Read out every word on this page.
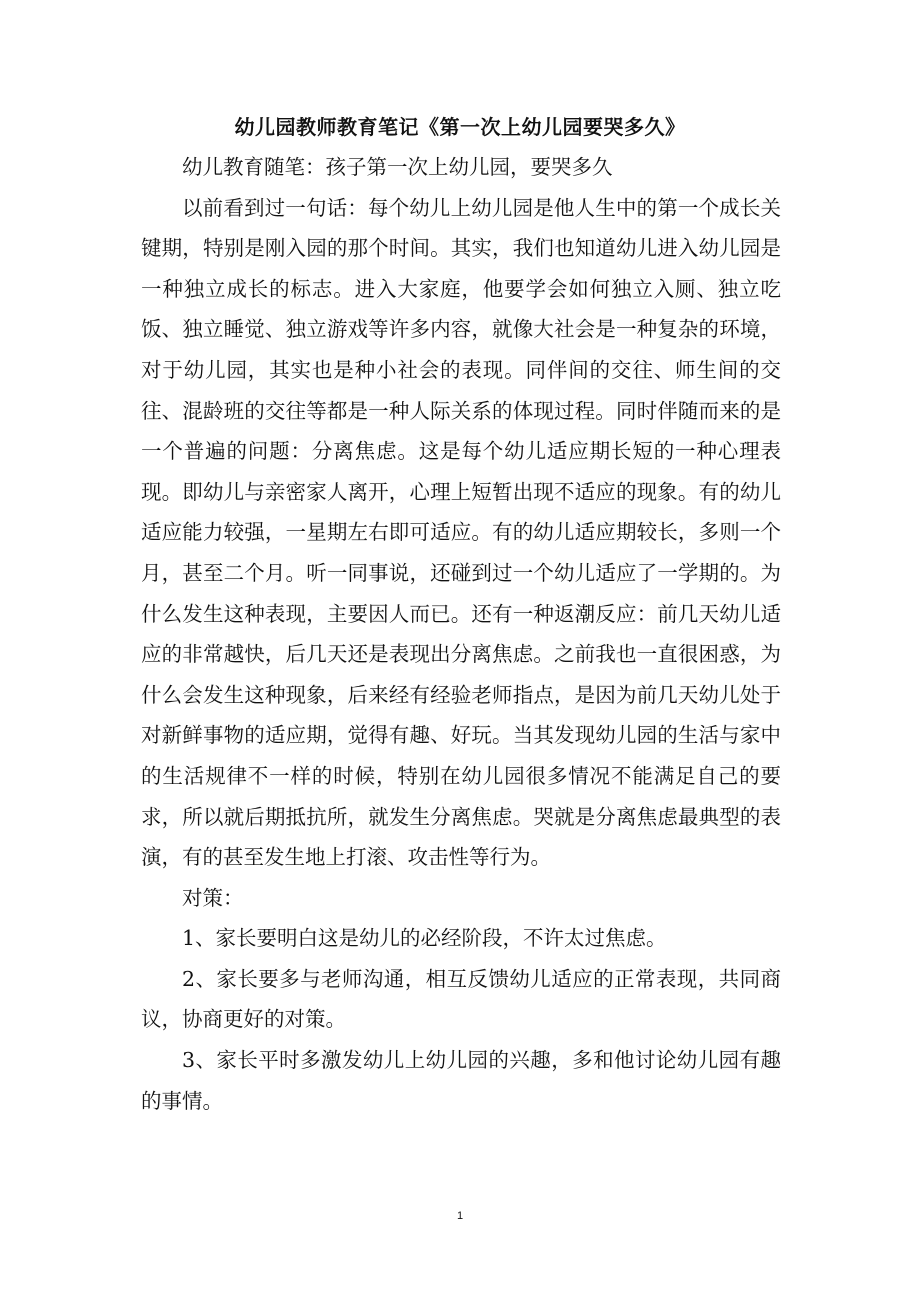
幼儿园教师教育笔记《第一次上幼儿园要哭多久》

幼儿教育随笔：孩子第一次上幼儿园，要哭多久

以前看到过一句话：每个幼儿上幼儿园是他人生中的第一个成长关键期，特别是刚入园的那个时间。其实，我们也知道幼儿进入幼儿园是一种独立成长的标志。进入大家庭，他要学会如何独立入厕、独立吃饭、独立睡觉、独立游戏等许多内容，就像大社会是一种复杂的环境，对于幼儿园，其实也是种小社会的表现。同伴间的交往、师生间的交往、混龄班的交往等都是一种人际关系的体现过程。同时伴随而来的是一个普遍的问题：分离焦虑。这是每个幼儿适应期长短的一种心理表现。即幼儿与亲密家人离开，心理上短暂出现不适应的现象。有的幼儿适应能力较强，一星期左右即可适应。有的幼儿适应期较长，多则一个月，甚至二个月。听一同事说，还碰到过一个幼儿适应了一学期的。为什么发生这种表现，主要因人而已。还有一种返潮反应：前几天幼儿适应的非常越快，后几天还是表现出分离焦虑。之前我也一直很困惑，为什么会发生这种现象，后来经有经验老师指点，是因为前几天幼儿处于对新鲜事物的适应期，觉得有趣、好玩。当其发现幼儿园的生活与家中的生活规律不一样的时候，特别在幼儿园很多情况不能满足自己的要求，所以就后期抵抗所，就发生分离焦虑。哭就是分离焦虑最典型的表演，有的甚至发生地上打滚、攻击性等行为。

对策：

1、家长要明白这是幼儿的必经阶段，不许太过焦虑。

2、家长要多与老师沟通，相互反馈幼儿适应的正常表现，共同商议，协商更好的对策。

3、家长平时多激发幼儿上幼儿园的兴趣，多和他讨论幼儿园有趣的事情。

1
